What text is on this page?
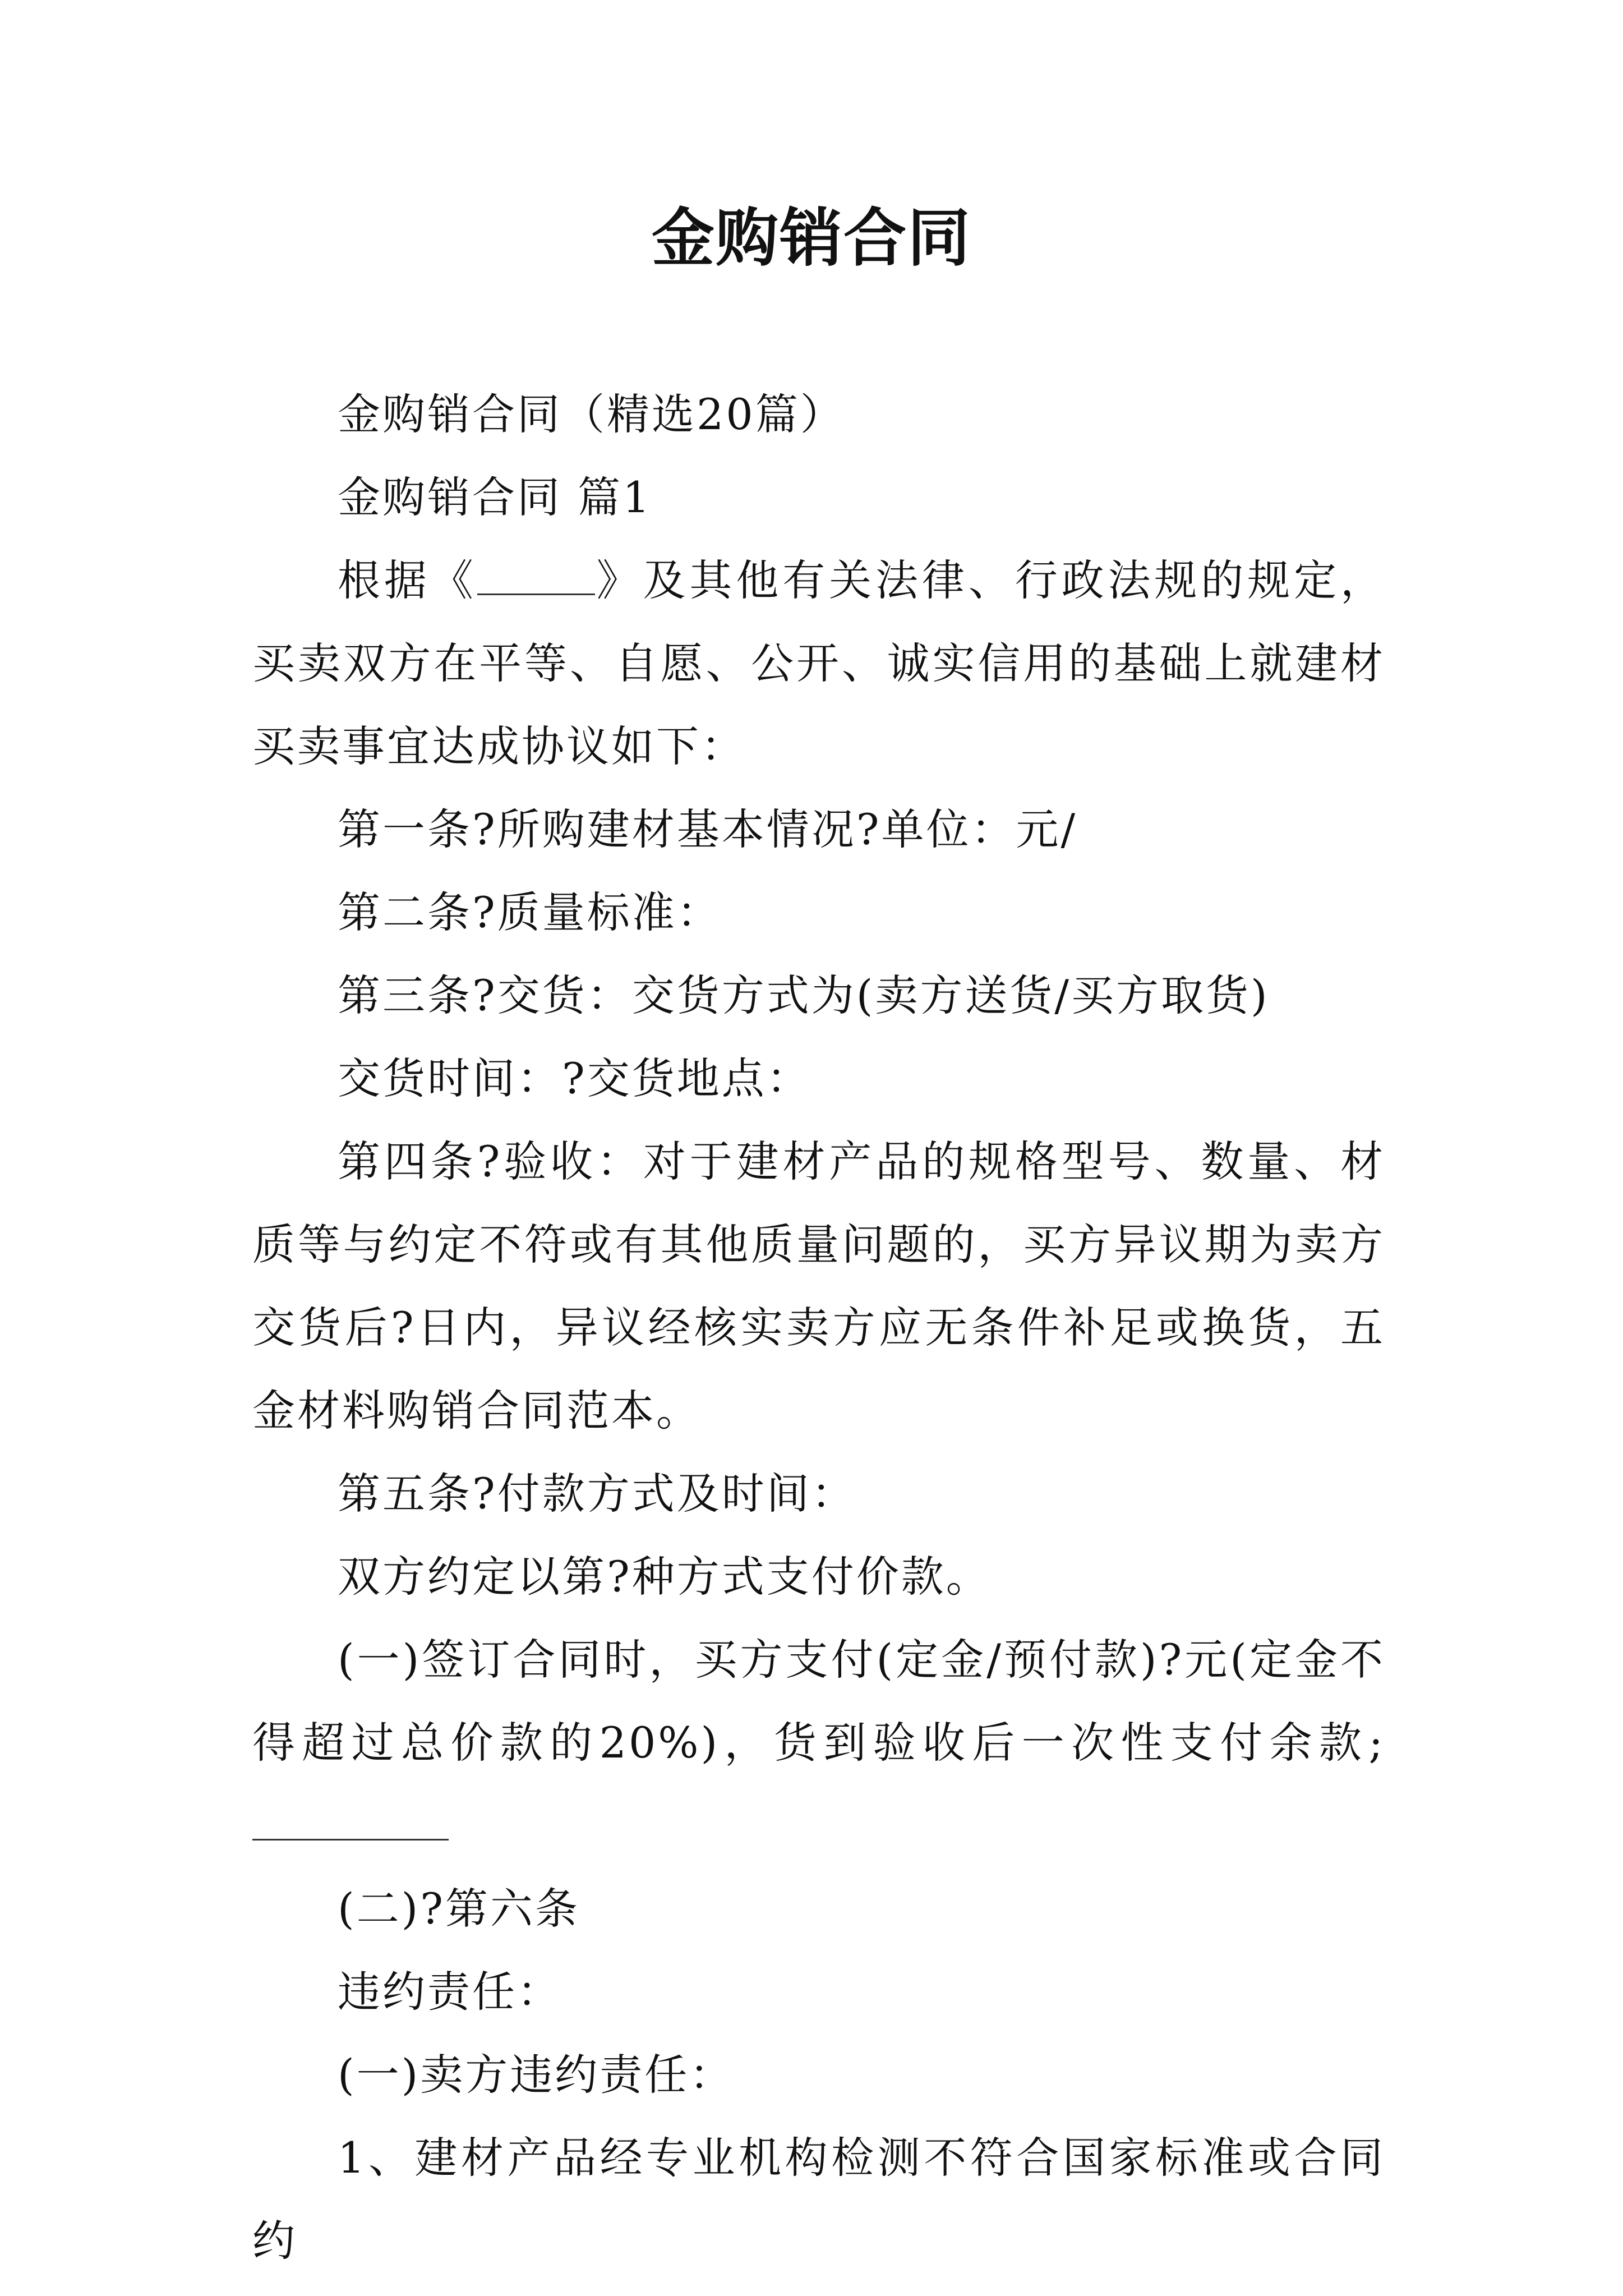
金购销合同

金购销合同（精选20篇）

金购销合同 篇1

根据《	》及其他有关法律、行政法规的规定，买卖双方在平等、自愿、公开、诚实信用的基础上就建材买卖事宜达成协议如下：

第一条?所购建材基本情况?单位：元/

第二条?质量标准：

第三条?交货：交货方式为(卖方送货/买方取货)

交货时间：?交货地点：

第四条?验收：对于建材产品的规格型号、数量、材质等与约定不符或有其他质量问题的，买方异议期为卖方交货后?日内，异议经核实卖方应无条件补足或换货，五金材料购销合同范本。

第五条?付款方式及时间：

双方约定以第?种方式支付价款。

(一)签订合同时，买方支付(定金/预付款)?元(定金不得超过总价款的20%)，货到验收后一次性支付余款;

(二)?第六条

违约责任：

(一)卖方违约责任：

1、建材产品经专业机构检测不符合国家标准或合同约
